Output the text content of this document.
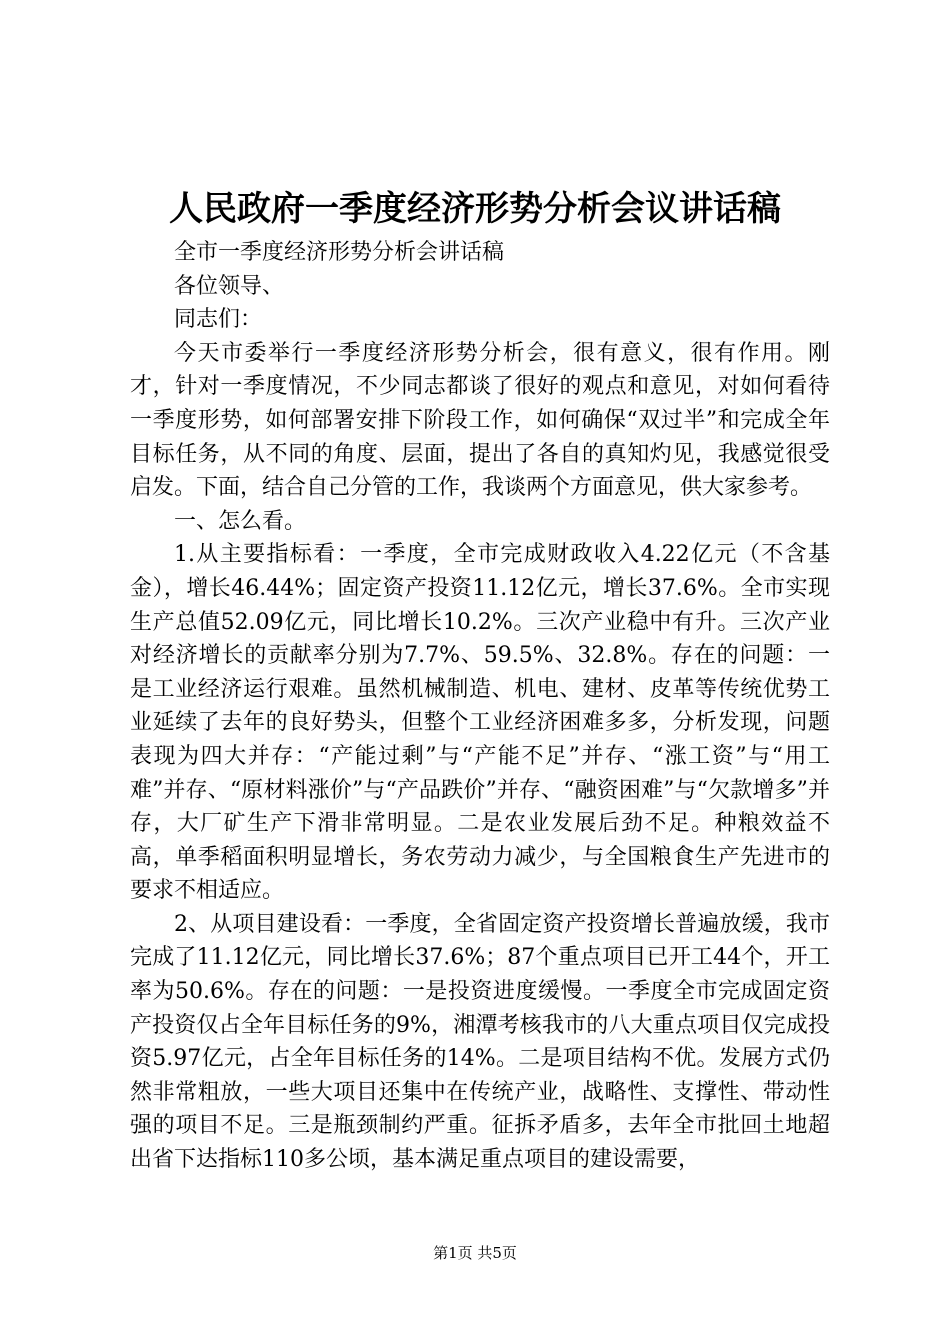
人民政府一季度经济形势分析会议讲话稿

全市一季度经济形势分析会讲话稿

各位领导、

同志们：

今天市委举行一季度经济形势分析会，很有意义，很有作用。刚才，针对一季度情况，不少同志都谈了很好的观点和意见，对如何看待一季度形势，如何部署安排下阶段工作，如何确保“双过半”和完成全年目标任务，从不同的角度、层面，提出了各自的真知灼见，我感觉很受启发。下面，结合自己分管的工作，我谈两个方面意见，供大家参考。

一、怎么看。

1.从主要指标看：一季度，全市完成财政收入4.22亿元（不含基金），增长46.44%；固定资产投资11.12亿元，增长37.6%。全市实现生产总值52.09亿元，同比增长10.2%。三次产业稳中有升。三次产业对经济增长的贡献率分别为7.7%、59.5%、32.8%。存在的问题：一是工业经济运行艰难。虽然机械制造、机电、建材、皮革等传统优势工业延续了去年的良好势头，但整个工业经济困难多多，分析发现，问题表现为四大并存：“产能过剩”与“产能不足”并存、“涨工资”与“用工难”并存、“原材料涨价”与“产品跌价”并存、“融资困难”与“欠款增多”并存，大厂矿生产下滑非常明显。二是农业发展后劲不足。种粮效益不高，单季稻面积明显增长，务农劳动力减少，与全国粮食生产先进市的要求不相适应。

2、从项目建设看：一季度，全省固定资产投资增长普遍放缓，我市完成了11.12亿元，同比增长37.6%；87个重点项目已开工44个，开工率为50.6%。存在的问题：一是投资进度缓慢。一季度全市完成固定资产投资仅占全年目标任务的9%，湘潭考核我市的八大重点项目仅完成投资5.97亿元，占全年目标任务的14%。二是项目结构不优。发展方式仍然非常粗放，一些大项目还集中在传统产业，战略性、支撑性、带动性强的项目不足。三是瓶颈制约严重。征拆矛盾多，去年全市批回土地超出省下达指标110多公顷，基本满足重点项目的建设需要，

第1页 共5页
